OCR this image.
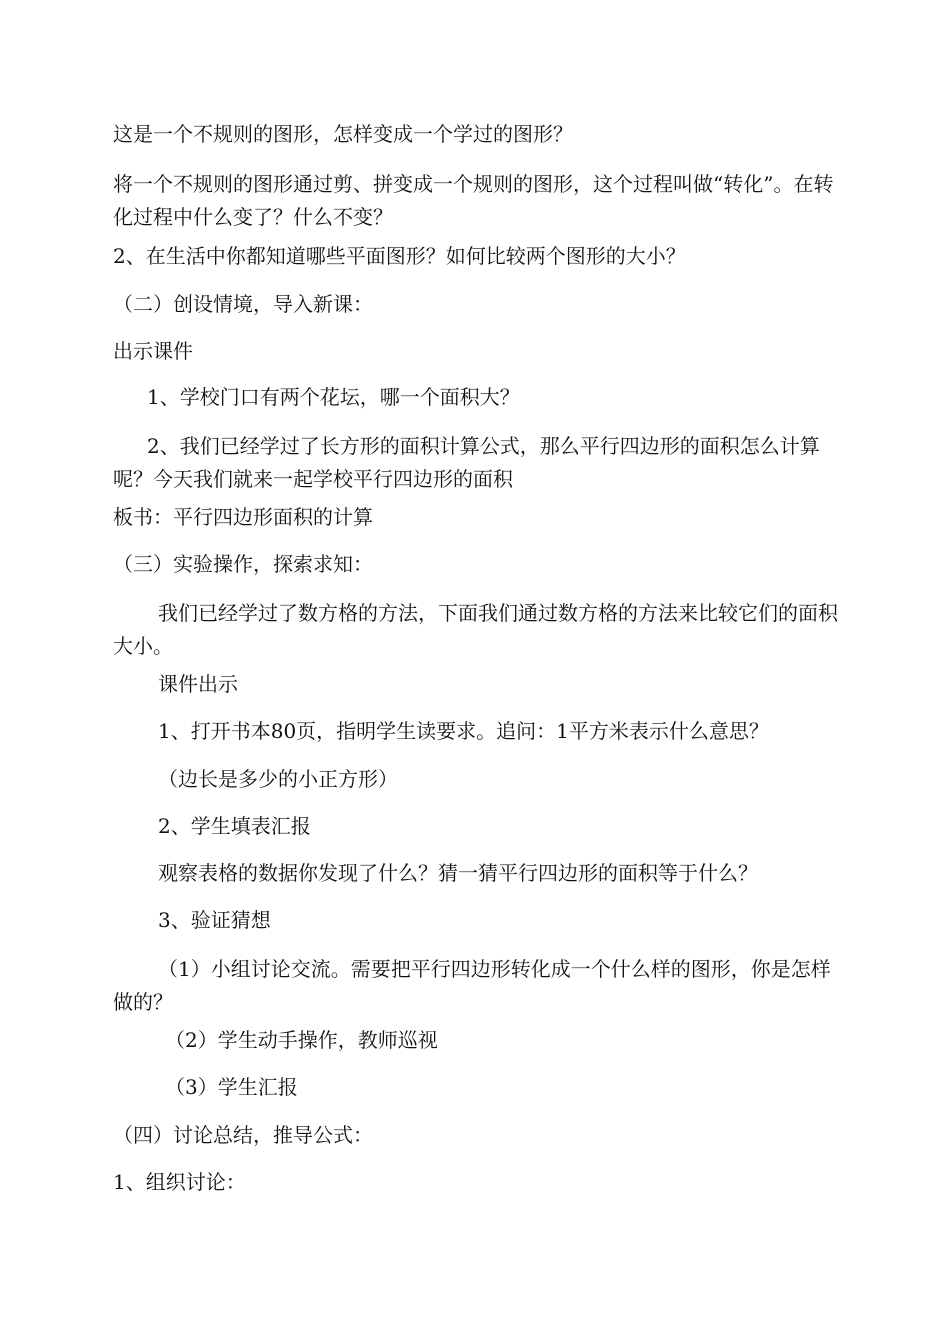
这是一个不规则的图形，怎样变成一个学过的图形？
将一个不规则的图形通过剪、拼变成一个规则的图形，这个过程叫做“转化”。在转化过程中什么变了？什么不变？
2、在生活中你都知道哪些平面图形？如何比较两个图形的大小？
（二）创设情境，导入新课：
出示课件
1、学校门口有两个花坛，哪一个面积大？
2、我们已经学过了长方形的面积计算公式，那么平行四边形的面积怎么计算呢？今天我们就来一起学校平行四边形的面积
板书：平行四边形面积的计算
（三）实验操作，探索求知：
我们已经学过了数方格的方法，下面我们通过数方格的方法来比较它们的面积大小。
课件出示
1、打开书本80页，指明学生读要求。追问：1平方米表示什么意思？
（边长是多少的小正方形）
2、学生填表汇报
观察表格的数据你发现了什么？猜一猜平行四边形的面积等于什么？
3、验证猜想
（1）小组讨论交流。需要把平行四边形转化成一个什么样的图形，你是怎样做的？
（2）学生动手操作，教师巡视
（3）学生汇报
（四）讨论总结，推导公式：
1、组织讨论：
